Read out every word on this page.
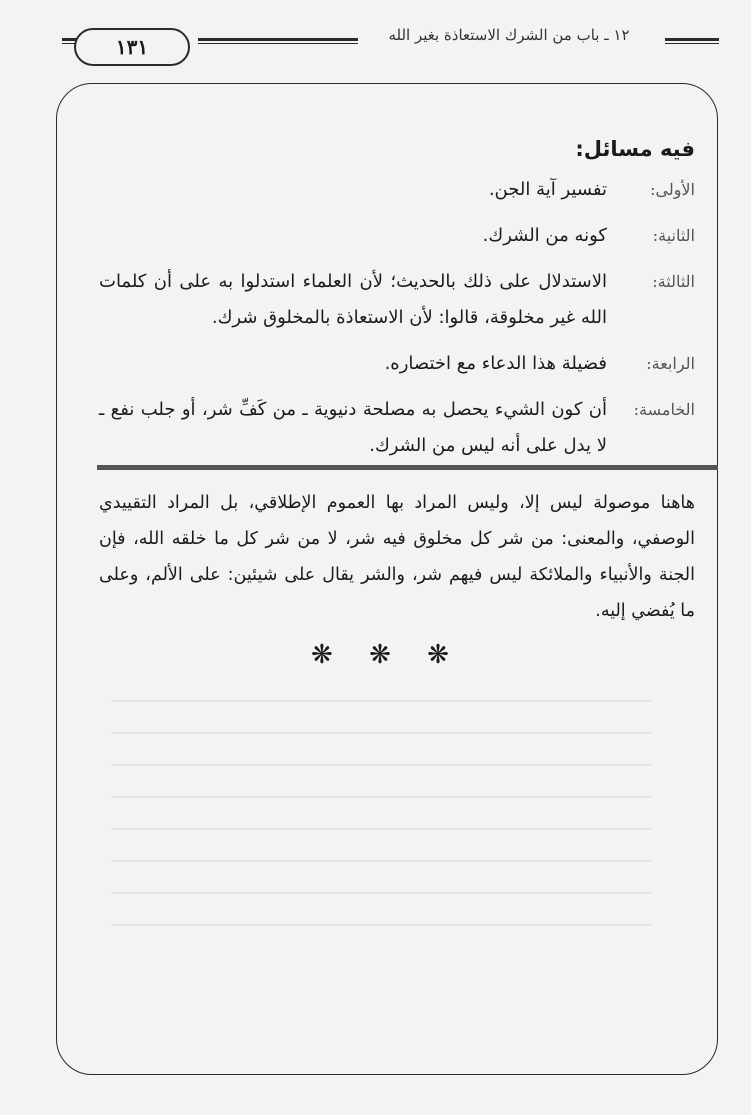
١٣١	١٢ ـ باب من الشرك الاستعاذة بغير الله
فيه مسائل:
الأولى:
تفسير آية الجن.
الثانية:
كونه من الشرك.
الثالثة:
الاستدلال على ذلك بالحديث؛ لأن العلماء استدلوا به على أن كلمات الله غير مخلوقة، قالوا: لأن الاستعاذة بالمخلوق شرك.
الرابعة:
فضيلة هذا الدعاء مع اختصاره.
الخامسة:
أن كون الشيء يحصل به مصلحة دنيوية ـ من كَفِّ شر، أو جلب نفع ـ لا يدل على أنه ليس من الشرك.

هاهنا موصولة ليس إلا، وليس المراد بها العموم الإطلاقي، بل المراد التقييدي الوصفي، والمعنى: من شر كل مخلوق فيه شر، لا من شر كل ما خلقه الله، فإن الجنة والأنبياء والملائكة ليس فيهم شر، والشر يقال على شيئين: على الألم، وعلى ما يُفضي إليه.

❋ ❋ ❋
